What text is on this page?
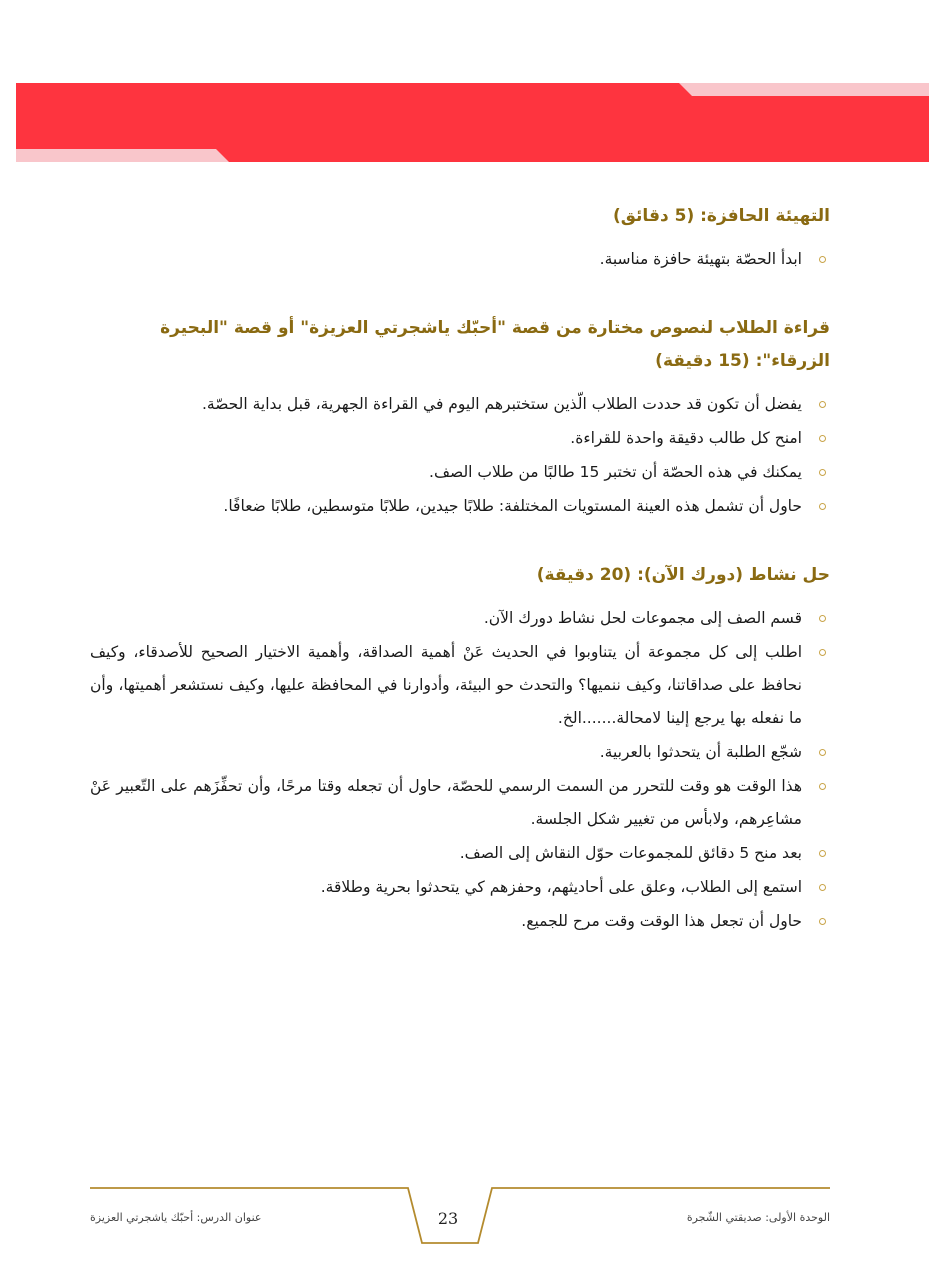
التهيئة الحافزة: (5 دقائق)
ابدأ الحصّة بتهيئة حافزة مناسبة.
قراءة الطلاب لنصوص مختارة من قصة "أحبّك ياشجرتي العزيزة" أو قصة "البحيرة الزرقاء": (15 دقيقة)
يفضل أن تكون قد حددت الطلاب الّذين ستختبرهم اليوم في القراءة الجهرية، قبل بداية الحصّة.
امنح كل طالب دقيقة واحدة للقراءة.
يمكنك في هذه الحصّة أن تختبر 15 طالبًا من طلاب الصف.
حاول أن تشمل هذه العينة المستويات المختلفة: طلابًا جيدين، طلابًا متوسطين، طلابًا ضعافًا.
حل نشاط (دورك الآن): (20 دقيقة)
قسم الصف إلى مجموعات لحل نشاط دورك الآن.
اطلب إلى كل مجموعة أن يتناوبوا في الحديث عَنْ أهمية الصداقة، وأهمية الاختيار الصحيح للأصدقاء، وكيف نحافظ على صداقاتنا، وكيف ننميها؟ والتحدث حو البيئة، وأدوارنا في المحافظة عليها، وكيف نستشعر أهميتها، وأن ما نفعله بها يرجع إلينا لامحالة.......الخ.
شجّع الطلبة أن يتحدثوا بالعربية.
هذا الوقت هو وقت للتحرر من السمت الرسمي للحصّة، حاول أن تجعله وقتا مرحًا، وأن تحفِّزَهم على التّعبير عَنْ مشاعِرهم، ولابأس من تغيير شكل الجلسة.
بعد منح 5 دقائق للمجموعات حوّل النقاش إلى الصف.
استمع إلى الطلاب، وعلق على أحاديثهم، وحفزهم كي يتحدثوا بحرية وطلاقة.
حاول أن تجعل هذا الوقت وقت مرح للجميع.
عنوان الدرس: أحبّك ياشجرتي العزيزة	23	الوحدة الأولى: صديقتي الشّجرة
